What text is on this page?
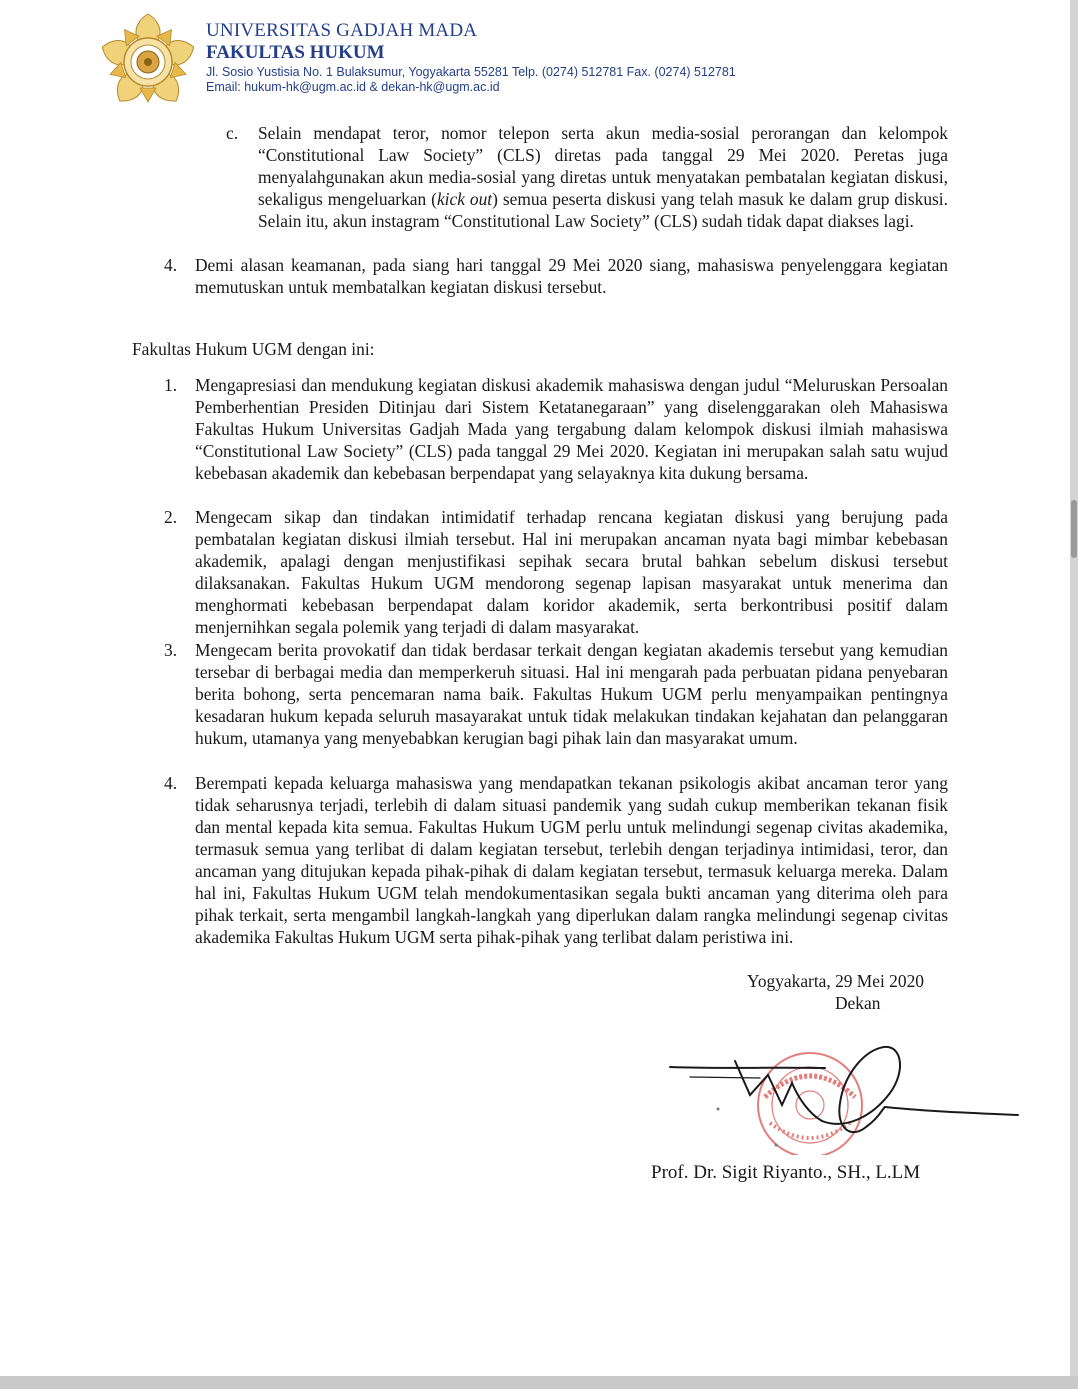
UNIVERSITAS GADJAH MADA
FAKULTAS HUKUM
Jl. Sosio Yustisia No. 1 Bulaksumur, Yogyakarta 55281 Telp. (0274) 512781 Fax. (0274) 512781
Email: hukum-hk@ugm.ac.id & dekan-hk@ugm.ac.id
c. Selain mendapat teror, nomor telepon serta akun media-sosial perorangan dan kelompok “Constitutional Law Society” (CLS) diretas pada tanggal 29 Mei 2020. Peretas juga menyalahgunakan akun media-sosial yang diretas untuk menyatakan pembatalan kegiatan diskusi, sekaligus mengeluarkan (kick out) semua peserta diskusi yang telah masuk ke dalam grup diskusi. Selain itu, akun instagram “Constitutional Law Society” (CLS) sudah tidak dapat diakses lagi.

4. Demi alasan keamanan, pada siang hari tanggal 29 Mei 2020 siang, mahasiswa penyelenggara kegiatan memutuskan untuk membatalkan kegiatan diskusi tersebut.

Fakultas Hukum UGM dengan ini:

1. Mengapresiasi dan mendukung kegiatan diskusi akademik mahasiswa dengan judul “Meluruskan Persoalan Pemberhentian Presiden Ditinjau dari Sistem Ketatanegaraan” yang diselenggarakan oleh Mahasiswa Fakultas Hukum Universitas Gadjah Mada yang tergabung dalam kelompok diskusi ilmiah mahasiswa “Constitutional Law Society” (CLS) pada tanggal 29 Mei 2020. Kegiatan ini merupakan salah satu wujud kebebasan akademik dan kebebasan berpendapat yang selayaknya kita dukung bersama.

2. Mengecam sikap dan tindakan intimidatif terhadap rencana kegiatan diskusi yang berujung pada pembatalan kegiatan diskusi ilmiah tersebut. Hal ini merupakan ancaman nyata bagi mimbar kebebasan akademik, apalagi dengan menjustifikasi sepihak secara brutal bahkan sebelum diskusi tersebut dilaksanakan. Fakultas Hukum UGM mendorong segenap lapisan masyarakat untuk menerima dan menghormati kebebasan berpendapat dalam koridor akademik, serta berkontribusi positif dalam menjernihkan segala polemik yang terjadi di dalam masyarakat.

3. Mengecam berita provokatif dan tidak berdasar terkait dengan kegiatan akademis tersebut yang kemudian tersebar di berbagai media dan memperkeruh situasi. Hal ini mengarah pada perbuatan pidana penyebaran berita bohong, serta pencemaran nama baik. Fakultas Hukum UGM perlu menyampaikan pentingnya kesadaran hukum kepada seluruh masayarakat untuk tidak melakukan tindakan kejahatan dan pelanggaran hukum, utamanya yang menyebabkan kerugian bagi pihak lain dan masyarakat umum.

4. Berempati kepada keluarga mahasiswa yang mendapatkan tekanan psikologis akibat ancaman teror yang tidak seharusnya terjadi, terlebih di dalam situasi pandemik yang sudah cukup memberikan tekanan fisik dan mental kepada kita semua. Fakultas Hukum UGM perlu untuk melindungi segenap civitas akademika, termasuk semua yang terlibat di dalam kegiatan tersebut, terlebih dengan terjadinya intimidasi, teror, dan ancaman yang ditujukan kepada pihak-pihak di dalam kegiatan tersebut, termasuk keluarga mereka. Dalam hal ini, Fakultas Hukum UGM telah mendokumentasikan segala bukti ancaman yang diterima oleh para pihak terkait, serta mengambil langkah-langkah yang diperlukan dalam rangka melindungi segenap civitas akademika Fakultas Hukum UGM serta pihak-pihak yang terlibat dalam peristiwa ini.

Yogyakarta, 29 Mei 2020
Dekan
Prof. Dr. Sigit Riyanto., SH., L.LM
